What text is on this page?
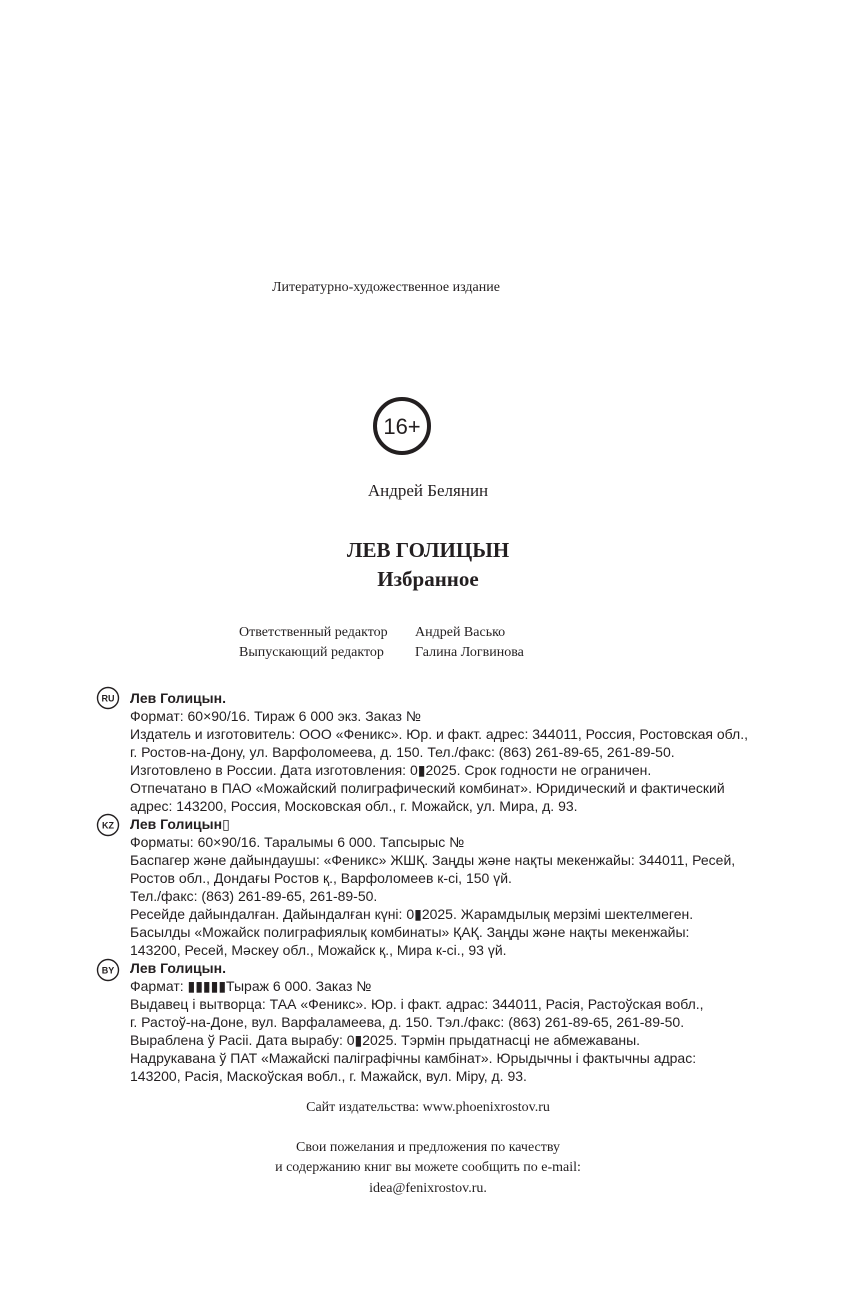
Литературно-художественное издание
16+
Андрей Белянин
ЛЕВ ГОЛИЦЫН
Избранное
Ответственный редактор Андрей Васько
Выпускающий редактор Галина Логвинова
RU Лев Голицын.
Формат: 60×90/16. Тираж 6 000 экз. Заказ №
Издатель и изготовитель: ООО «Феникс». Юр. и факт. адрес: 344011, Россия, Ростовская обл.,
г. Ростов-на-Дону, ул. Варфоломеева, д. 150. Тел./факс: (863) 261-89-65, 261-89-50.
Изготовлено в России. Дата изготовления: 0▮2025. Срок годности не ограничен.
Отпечатано в ПАО «Можайский полиграфический комбинат». Юридический и фактический
адрес: 143200, Россия, Московская обл., г. Можайск, ул. Мира, д. 93.
KZ Лев Голицын▯
Форматы: 60×90/16. Таралымы 6 000. Тапсырыс №
Баспагер және дайындаушы: «Феникс» ЖШҚ. Заңды және нақты мекенжайы: 344011, Ресей,
Ростов обл., Дондағы Ростов қ., Варфоломеев к-сі, 150 үй.
Тел./факс: (863) 261-89-65, 261-89-50.
Ресейде дайындалған. Дайындалған күні: 0▮2025. Жарамдылық мерзімі шектелмеген.
Басылды «Можайск полиграфиялық комбинаты» ҚАҚ. Заңды және нақты мекенжайы:
143200, Ресей, Мәскеу обл., Можайск қ., Мира к-сі., 93 үй.
BY Лев Голицын.
Фармат: ▮▮▮▮▮Тыраж 6 000. Заказ №
Выдавец і вытворца: ТАА «Феникс». Юр. і факт. адрас: 344011, Расія, Растоўская вобл.,
г. Растоў-на-Доне, вул. Варфаламеева, д. 150. Тэл./факс: (863) 261-89-65, 261-89-50.
Выраблена ў Расіі. Дата вырабу: 0▮2025. Тэрмін прыдатнасці не абмежаваны.
Надрукавана ў ПАТ «Мажайскі паліграфічны камбінат». Юрыдычны і фактычны адрас:
143200, Расія, Маскоўская вобл., г. Мажайск, вул. Міру, д. 93.
Сайт издательства: www.phoenixrostov.ru
Свои пожелания и предложения по качеству
и содержанию книг вы можете сообщить по e-mail:
idea@fenixrostov.ru.
